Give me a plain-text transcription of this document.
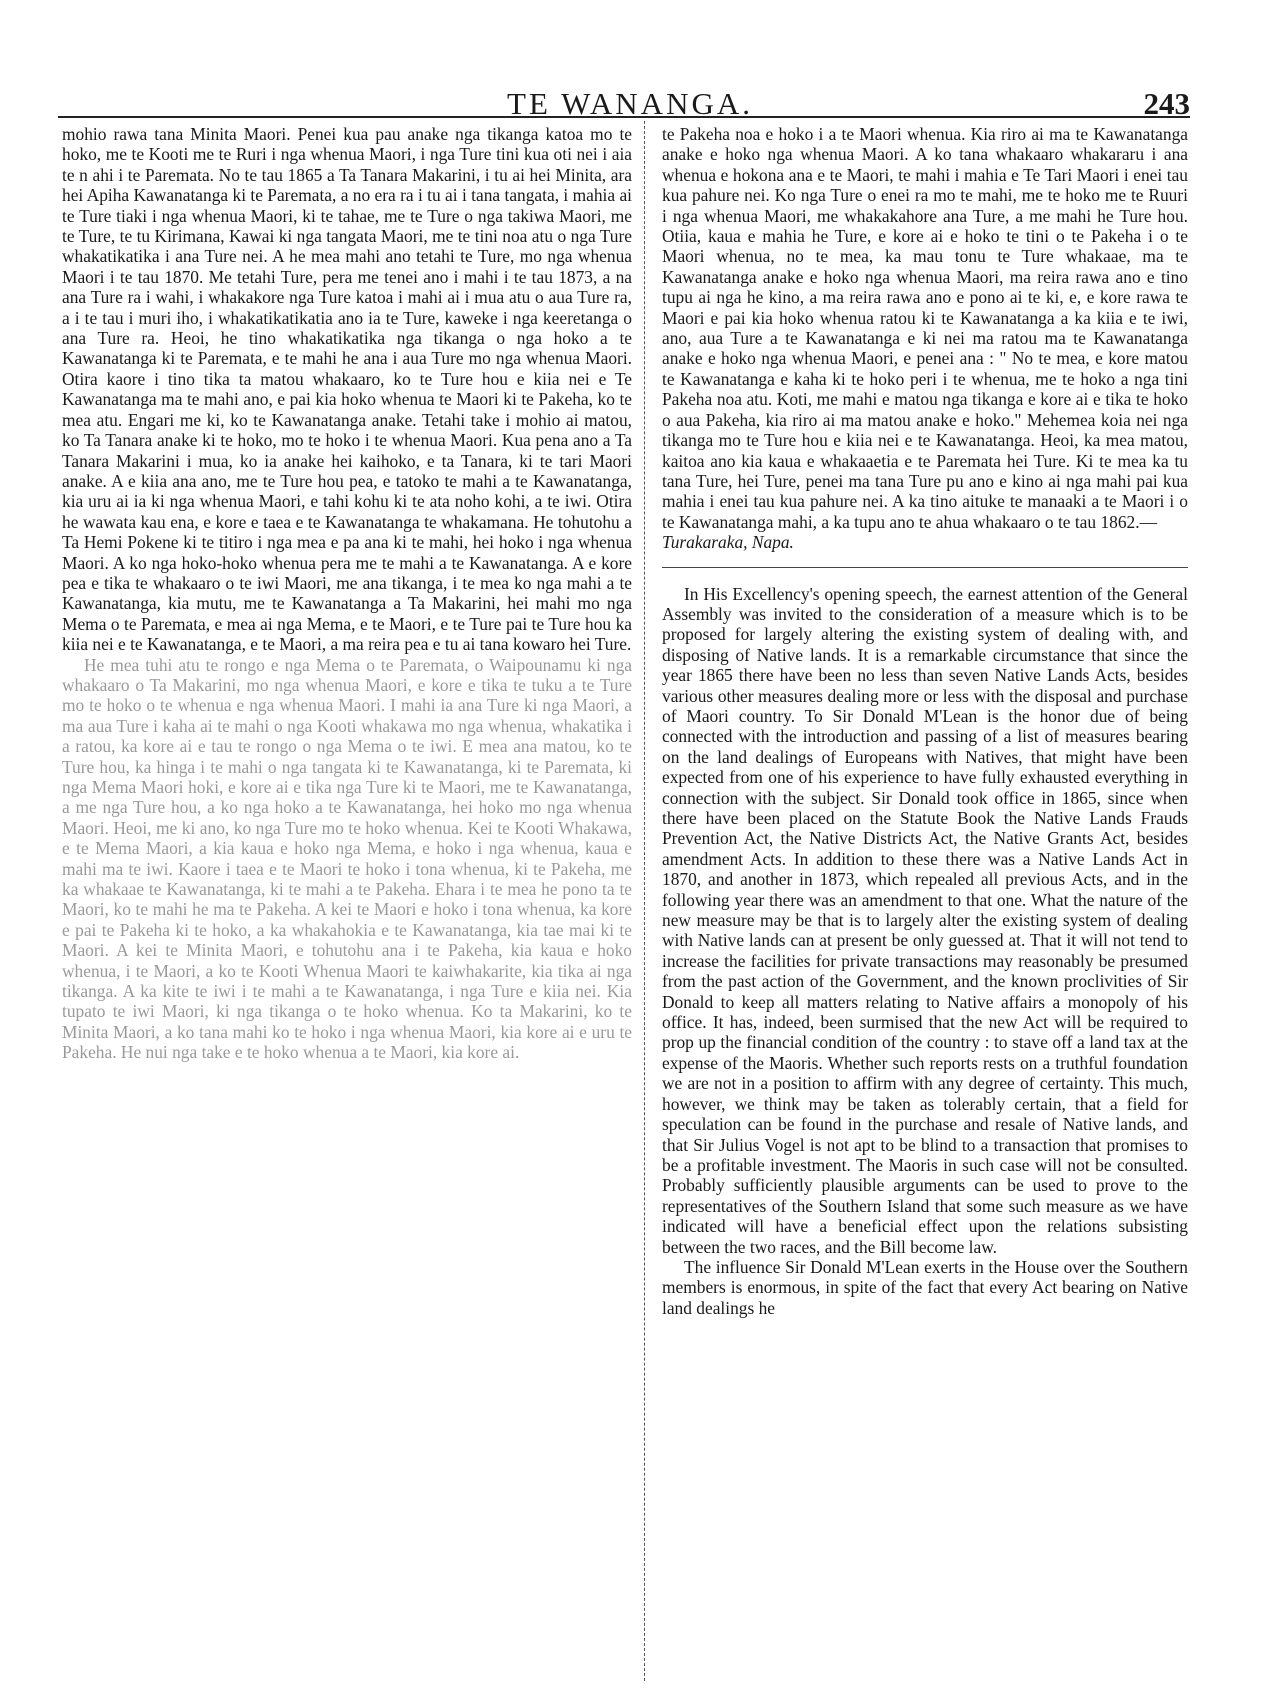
TE WANANGA.	243

mohio rawa tana Minita Maori. Penei kua pau anake nga tikanga katoa mo te hoko, me te Kooti me te Ruri i nga whenua Maori, i nga Ture tini kua oti nei i aia te n ahi i te Paremata. No te tau 1865 a Ta Tanara Makarini, i tu ai hei Minita, ara hei Apiha Kawanatanga ki te Paremata, a no era ra i tu ai i tana tangata, i mahia ai te Ture tiaki i nga whenua Maori, ki te tahae, me te Ture o nga takiwa Maori, me te Ture, te tu Kirimana, Kawai ki nga tangata Maori, me te tini noa atu o nga Ture whakatikatika i ana Ture nei. A he mea mahi ano tetahi te Ture, mo nga whenua Maori i te tau 1870. Me tetahi Ture, pera me tenei ano i mahi i te tau 1873, a na ana Ture ra i wahi, i whakakore nga Ture katoa i mahi ai i mua atu o aua Ture ra, a i te tau i muri iho, i whakatikatikatia ano ia te Ture, kaweke i nga keeretanga o ana Ture ra. Heoi, he tino whakatikatika nga tikanga o nga hoko a te Kawanatanga ki te Paremata, e te mahi he ana i aua Ture mo nga whenua Maori. Otira kaore i tino tika ta matou whakaaro, ko te Ture hou e kiia nei e Te Kawanatanga ma te mahi ano, e pai kia hoko whenua te Maori ki te Pakeha, ko te mea atu. Engari me ki, ko te Kawanatanga anake. Tetahi take i mohio ai matou, ko Ta Tanara anake ki te hoko, mo te hoko i te whenua Maori. Kua pena ano a Ta Tanara Makarini i mua, ko ia anake hei kaihoko, e ta Tanara, ki te tari Maori anake. A e kiia ana ano, me te Ture hou pea, e tatoko te mahi a te Kawanatanga, kia uru ai ia ki nga whenua Maori, e tahi kohu ki te ata noho kohi, a te iwi. Otira he wawata kau ena, e kore e taea e te Kawanatanga te whakamana. He tohutohu a Ta Hemi Pokene ki te titiro i nga mea e pa ana ki te mahi, hei hoko i nga whenua Maori. A ko nga hoko-hoko whenua pera me te mahi a te Kawanatanga. A e kore pea e tika te whakaaro o te iwi Maori, me ana tikanga, i te mea ko nga mahi a te Kawanatanga, kia mutu, me te Kawanatanga a Ta Makarini, hei mahi mo nga Mema o te Paremata, e mea ai nga Mema, e te Maori, e te Ture pai te Ture hou ka kiia nei e te Kawanatanga, e te Maori, a ma reira pea e tu ai tana kowaro hei Ture.

He mea tuhi atu te rongo e nga Mema o te Paremata, o Waipounamu ki nga whakaaro o Ta Makarini, mo nga whenua Maori, e kore e tika te tuku a te Ture mo te hoko o te whenua e nga whenua Maori. I mahi ia ana Ture ki nga Maori, a ma aua Ture i kaha ai te mahi o nga Kooti whakawa mo nga whenua, whakatika i a ratou, ka kore ai e tau te rongo o nga Mema o te iwi. E mea ana matou, ko te Ture hou, ka hinga i te mahi o nga tangata ki te Kawanatanga, ki te Paremata, ki nga Mema Maori hoki, e kore ai e tika nga Ture ki te Maori, me te Kawanatanga, a me nga Ture hou, a ko nga hoko a te Kawanatanga, hei hoko mo nga whenua Maori. Heoi, me ki ano, ko nga Ture mo te hoko whenua. Kei te Kooti Whakawa, e te Mema Maori, a kia kaua e hoko nga Mema, e hoko i nga whenua, kaua e mahi ma te iwi. Kaore i taea e te Maori te hoko i tona whenua, ki te Pakeha, me ka whakaae te Kawanatanga, ki te mahi a te Pakeha. Ehara i te mea he pono ta te Maori, ko te mahi he ma te Pakeha. A kei te Maori e hoko i tona whenua, ka kore e pai te Pakeha ki te hoko, a ka whakahokia e te Kawanatanga, kia tae mai ki te Maori. A kei te Minita Maori, e tohutohu ana i te Pakeha, kia kaua e hoko whenua, i te Maori, a ko te Kooti Whenua Maori te kaiwhakarite, kia tika ai nga tikanga. A ka kite te iwi i te mahi a te Kawanatanga, i nga Ture e kiia nei. Kia tupato te iwi Maori, ki nga tikanga o te hoko whenua. Ko ta Makarini, ko te Minita Maori, a ko tana mahi ko te hoko i nga whenua Maori, kia kore ai e uru te Pakeha. He nui nga take e te hoko whenua a te Maori, kia kore ai.

te Pakeha noa e hoko i a te Maori whenua. Kia riro ai ma te Kawanatanga anake e hoko nga whenua Maori. A ko tana whakaaro whakararu i ana whenua e hokona ana e te Maori, te mahi i mahia e Te Tari Maori i enei tau kua pahure nei. Ko nga Ture o enei ra mo te mahi, me te hoko me te Ruuri i nga whenua Maori, me whakakahore ana Ture, a me mahi he Ture hou. Otiia, kaua e mahia he Ture, e kore ai e hoko te tini o te Pakeha i o te Maori whenua, no te mea, ka mau tonu te Ture whakaae, ma te Kawanatanga anake e hoko nga whenua Maori, ma reira rawa ano e tino tupu ai nga he kino, a ma reira rawa ano e pono ai te ki, e, e kore rawa te Maori e pai kia hoko whenua ratou ki te Kawanatanga a ka kiia e te iwi, ano, aua Ture a te Kawanatanga e ki nei ma ratou ma te Kawanatanga anake e hoko nga whenua Maori, e penei ana : " No te mea, e kore matou te Kawanatanga e kaha ki te hoko peri i te whenua, me te hoko a nga tini Pakeha noa atu. Koti, me mahi e matou nga tikanga e kore ai e tika te hoko o aua Pakeha, kia riro ai ma matou anake e hoko." Mehemea koia nei nga tikanga mo te Ture hou e kiia nei e te Kawanatanga. Heoi, ka mea matou, kaitoa ano kia kaua e whakaaetia e te Paremata hei Ture. Ki te mea ka tu tana Ture, hei Ture, penei ma tana Ture pu ano e kino ai nga mahi pai kua mahia i enei tau kua pahure nei. A ka tino aituke te manaaki a te Maori i o te Kawanatanga mahi, a ka tupu ano te ahua whakaaro o te tau 1862.—

Turakaraka, Napa.

In His Excellency's opening speech, the earnest attention of the General Assembly was invited to the consideration of a measure which is to be proposed for largely altering the existing system of dealing with, and disposing of Native lands. It is a remarkable circumstance that since the year 1865 there have been no less than seven Native Lands Acts, besides various other measures dealing more or less with the disposal and purchase of Maori country. To Sir Donald M'Lean is the honor due of being connected with the introduction and passing of a list of measures bearing on the land dealings of Europeans with Natives, that might have been expected from one of his experience to have fully exhausted everything in connection with the subject. Sir Donald took office in 1865, since when there have been placed on the Statute Book the Native Lands Frauds Prevention Act, the Native Districts Act, the Native Grants Act, besides amendment Acts. In addition to these there was a Native Lands Act in 1870, and another in 1873, which repealed all previous Acts, and in the following year there was an amendment to that one. What the nature of the new measure may be that is to largely alter the existing system of dealing with Native lands can at present be only guessed at. That it will not tend to increase the facilities for private transactions may reasonably be presumed from the past action of the Government, and the known proclivities of Sir Donald to keep all matters relating to Native affairs a monopoly of his office. It has, indeed, been surmised that the new Act will be required to prop up the financial condition of the country : to stave off a land tax at the expense of the Maoris. Whether such reports rests on a truthful foundation we are not in a position to affirm with any degree of certainty. This much, however, we think may be taken as tolerably certain, that a field for speculation can be found in the purchase and resale of Native lands, and that Sir Julius Vogel is not apt to be blind to a transaction that promises to be a profitable investment. The Maoris in such case will not be consulted. Probably sufficiently plausible arguments can be used to prove to the representatives of the Southern Island that some such measure as we have indicated will have a beneficial effect upon the relations subsisting between the two races, and the Bill become law.

The influence Sir Donald M'Lean exerts in the House over the Southern members is enormous, in spite of the fact that every Act bearing on Native land dealings he
